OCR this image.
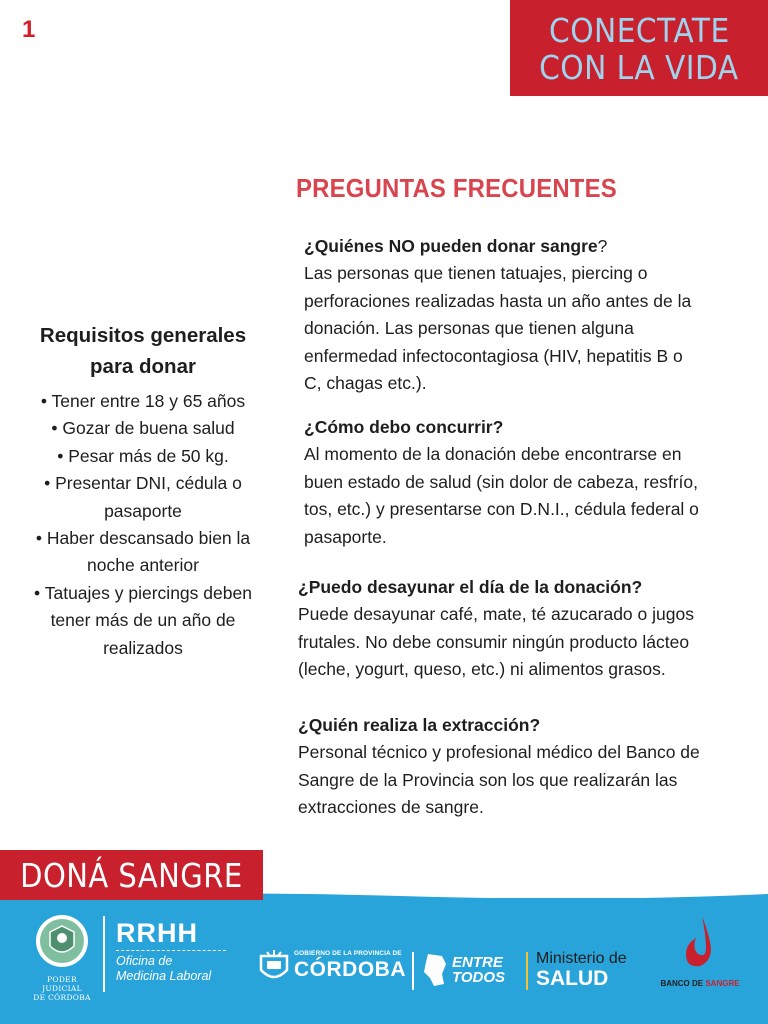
1	CONECTATE
CON LA VIDA
PREGUNTAS FRECUENTES
Requisitos generales
para donar
• Tener entre 18 y 65 años
• Gozar de buena salud
• Pesar más de 50 kg.
• Presentar DNI, cédula o
pasaporte
• Haber descansado bien la
noche anterior
• Tatuajes y piercings deben
tener más de un año de
realizados
¿Quiénes NO pueden donar sangre?
Las personas que tienen tatuajes, piercing o
perforaciones realizadas hasta un año antes de la
donación. Las personas que tienen alguna
enfermedad infectocontagiosa (HIV, hepatitis B o
C, chagas etc.).
¿Cómo debo concurrir?
Al momento de la donación debe encontrarse en
buen estado de salud (sin dolor de cabeza, resfrío,
tos, etc.) y presentarse con D.N.I., cédula federal o
pasaporte.
¿Puedo desayunar el día de la donación?
Puede desayunar café, mate, té azucarado o jugos
frutales. No debe consumir ningún producto lácteo
(leche, yogurt, queso, etc.) ni alimentos grasos.
¿Quién realiza la extracción?
Personal técnico y profesional médico del Banco de
Sangre de la Provincia son los que realizarán las
extracciones de sangre.
DONÁ SANGRE
PODER JUDICIAL
DE CÓRDOBA
RRHH
Oficina de
Medicina Laboral
GOBIERNO DE LA PROVINCIA DE
CÓRDOBA	ENTRE
TODOS
Ministerio de
SALUD	BANCO DE SANGRE
